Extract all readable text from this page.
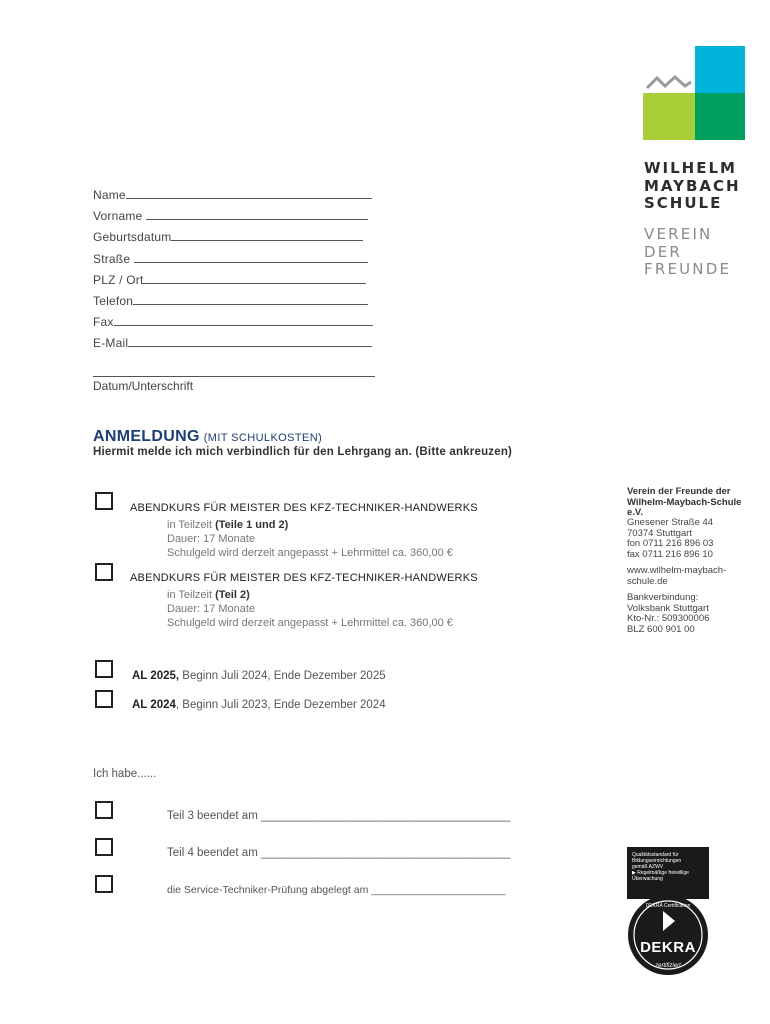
WILHELM
MAYBACH
SCHULE
VEREIN
DER
FREUNDE
Name
Vorname
Geburtsdatum
Straße
PLZ / Ort
Telefon
Fax
E-Mail
Datum/Unterschrift
ANMELDUNG (MIT SCHULKOSTEN)
Hiermit melde ich mich verbindlich für den Lehrgang an. (Bitte ankreuzen)
ABENDKURS FÜR MEISTER DES KFZ-TECHNIKER-HANDWERKS
in Teilzeit (Teile 1 und 2)
Dauer: 17 Monate
Schulgeld wird derzeit angepasst + Lehrmittel ca. 360,00 €
ABENDKURS FÜR MEISTER DES KFZ-TECHNIKER-HANDWERKS
in Teilzeit (Teil 2)
Dauer: 17 Monate
Schulgeld wird derzeit angepasst + Lehrmittel ca. 360,00 €
AL 2025, Beginn Juli 2024, Ende Dezember 2025
AL 2024, Beginn Juli 2023, Ende Dezember 2024
Ich habe......
Teil 3 beendet am _______________________________________
Teil 4 beendet am _______________________________________
die Service-Techniker-Prüfung abgelegt am _______________________
Verein der Freunde der
Wilhelm-Maybach-Schule
e.V.
Gnesener Straße 44
70374 Stuttgart
fon 0711 216 896 03
fax 0711 216 896 10
www.wilhelm-maybach-
schule.de
Bankverbindung:
Volksbank Stuttgart
Kto-Nr.: 509300006
BLZ 600 901 00
Qualitätsstandard für
Bildungseinrichtungen
gemäß AZWV
▶ Regelmäßige freiwillige
Überwachung
DEKRA Certification
zertifiziert
DEKRA
